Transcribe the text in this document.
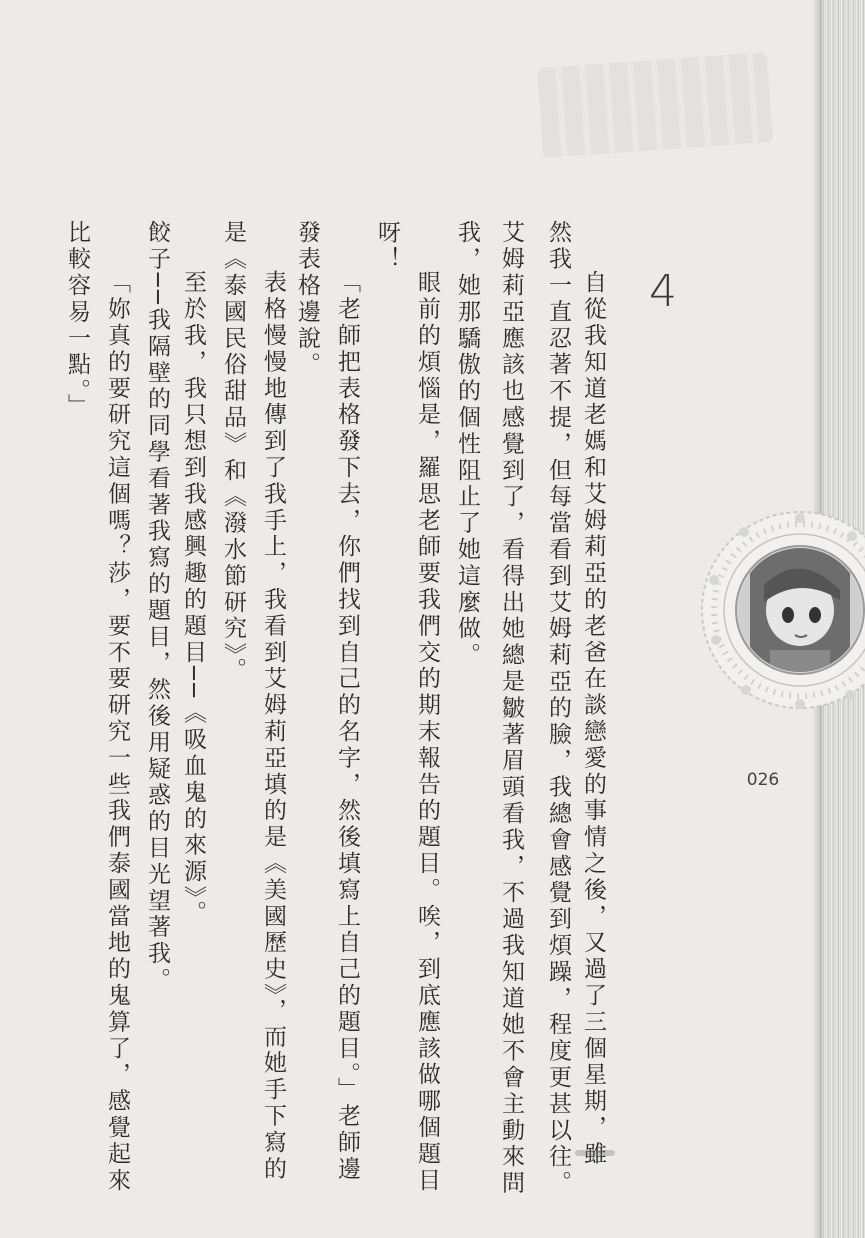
4
自從我知道老媽和艾姆莉亞的老爸在談戀愛的事情之後，又過了三個星期，雖
然我一直忍著不提，但每當看到艾姆莉亞的臉，我總會感覺到煩躁，程度更甚以往。
艾姆莉亞應該也感覺到了，看得出她總是皺著眉頭看我，不過我知道她不會主動來問
我，她那驕傲的個性阻止了她這麼做。
眼前的煩惱是，羅思老師要我們交的期末報告的題目。唉，到底應該做哪個題目
呀！
「老師把表格發下去，你們找到自己的名字，然後填寫上自己的題目。」老師邊
發表格邊說。
表格慢慢地傳到了我手上，我看到艾姆莉亞填的是《美國歷史》，而她手下寫的
是《泰國民俗甜品》和《潑水節研究》。
至於我，我只想到我感興趣的題目──《吸血鬼的來源》。
餃子──我隔壁的同學看著我寫的題目，然後用疑惑的目光望著我。
「妳真的要研究這個嗎？莎，要不要研究一些我們泰國當地的鬼算了，感覺起來
比較容易一點。」
026
